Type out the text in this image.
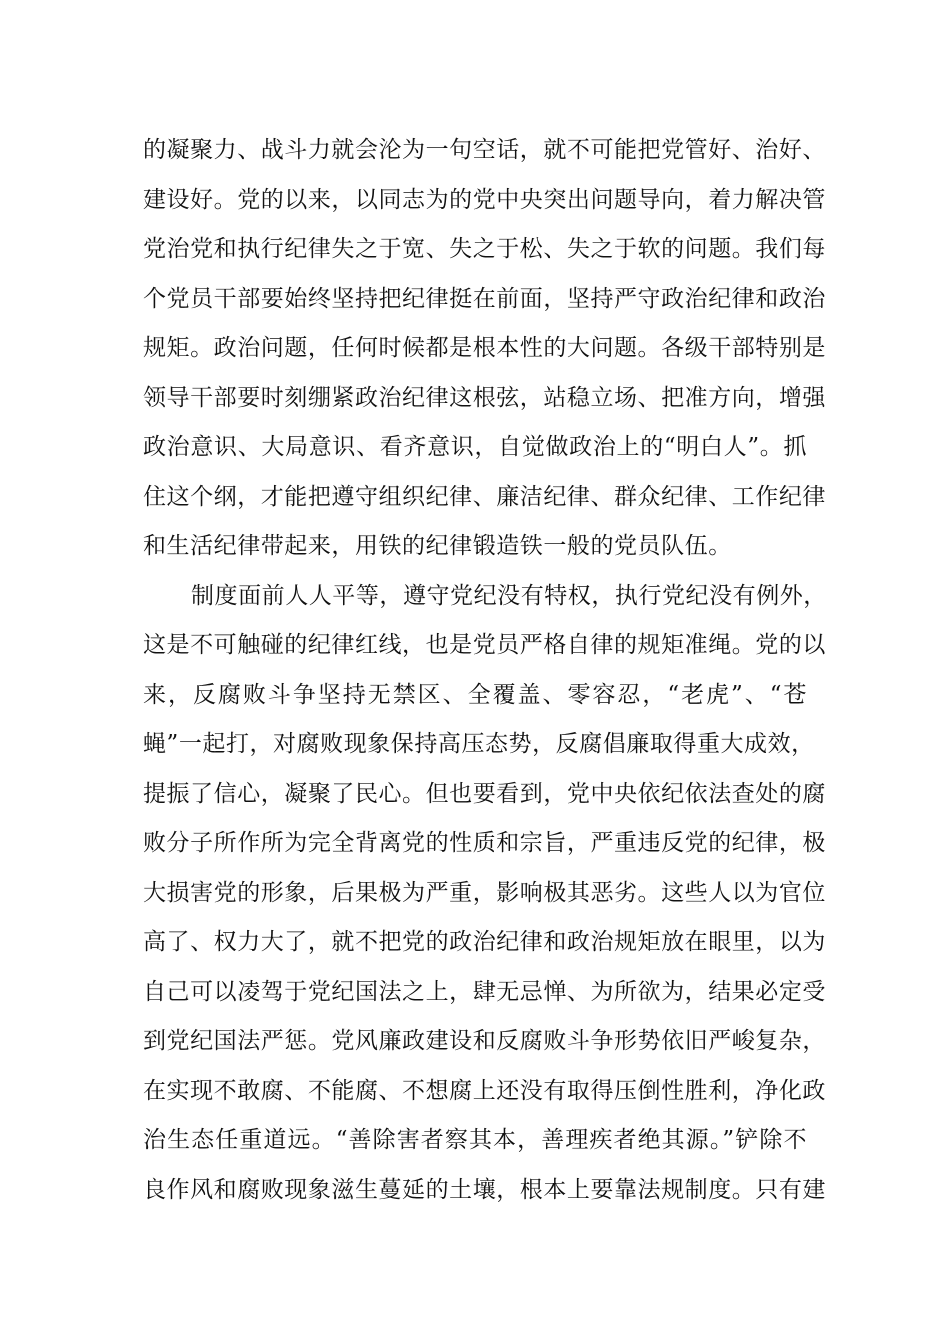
的凝聚力、战斗力就会沦为一句空话，就不可能把党管好、治好、
建设好。党的以来，以同志为的党中央突出问题导向，着力解决管
党治党和执行纪律失之于宽、失之于松、失之于软的问题。我们每
个党员干部要始终坚持把纪律挺在前面，坚持严守政治纪律和政治
规矩。政治问题，任何时候都是根本性的大问题。各级干部特别是
领导干部要时刻绷紧政治纪律这根弦，站稳立场、把准方向，增强
政治意识、大局意识、看齐意识，自觉做政治上的“明白人”。抓
住这个纲，才能把遵守组织纪律、廉洁纪律、群众纪律、工作纪律
和生活纪律带起来，用铁的纪律锻造铁一般的党员队伍。
制度面前人人平等，遵守党纪没有特权，执行党纪没有例外，
这是不可触碰的纪律红线，也是党员严格自律的规矩准绳。党的以
来，反腐败斗争坚持无禁区、全覆盖、零容忍，“老虎”、“苍
蝇”一起打，对腐败现象保持高压态势，反腐倡廉取得重大成效，
提振了信心，凝聚了民心。但也要看到，党中央依纪依法查处的腐
败分子所作所为完全背离党的性质和宗旨，严重违反党的纪律，极
大损害党的形象，后果极为严重，影响极其恶劣。这些人以为官位
高了、权力大了，就不把党的政治纪律和政治规矩放在眼里，以为
自己可以凌驾于党纪国法之上，肆无忌惮、为所欲为，结果必定受
到党纪国法严惩。党风廉政建设和反腐败斗争形势依旧严峻复杂，
在实现不敢腐、不能腐、不想腐上还没有取得压倒性胜利，净化政
治生态任重道远。“善除害者察其本，善理疾者绝其源。”铲除不
良作风和腐败现象滋生蔓延的土壤，根本上要靠法规制度。只有建
